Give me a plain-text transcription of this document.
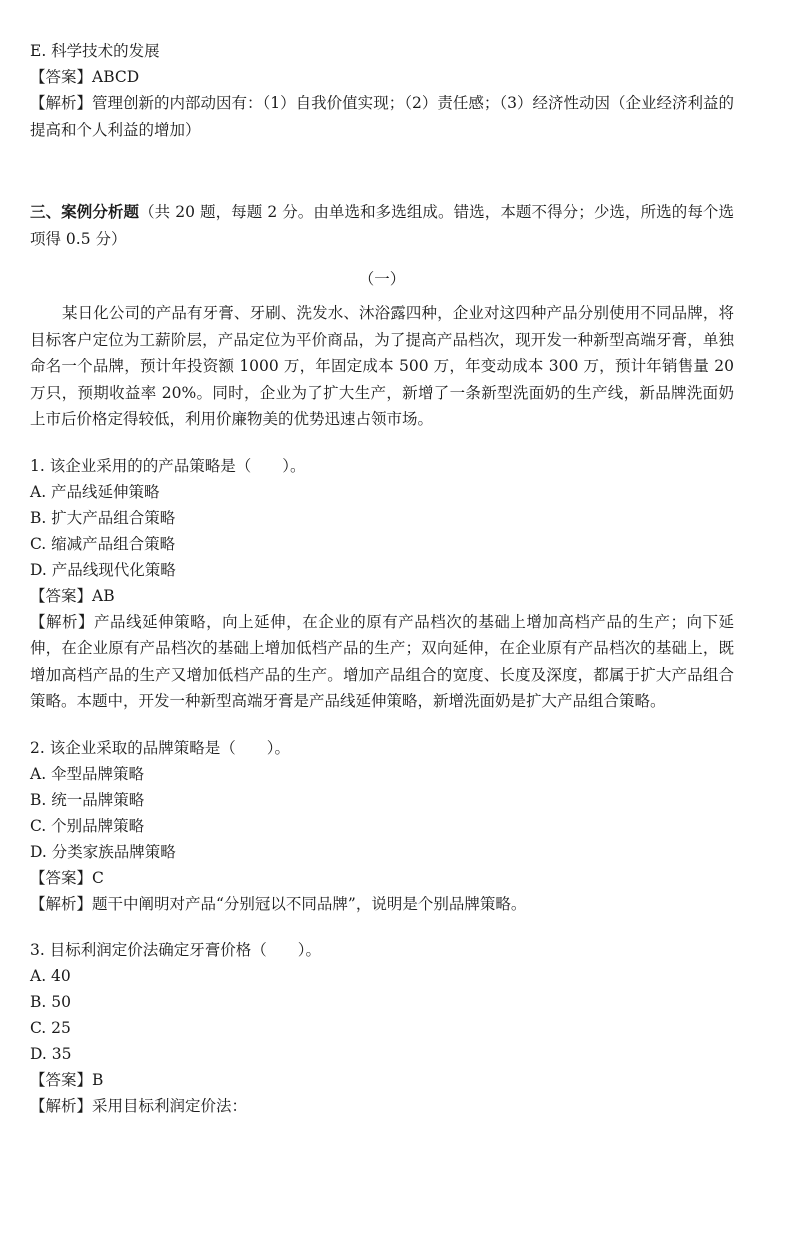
E. 科学技术的发展

【答案】ABCD

【解析】管理创新的内部动因有：（1）自我价值实现；（2）责任感；（3）经济性动因（企业经济利益的提高和个人利益的增加）

三、案例分析题（共 20 题，每题 2 分。由单选和多选组成。错选，本题不得分；少选，所选的每个选项得 0.5 分）

（一）

某日化公司的产品有牙膏、牙刷、洗发水、沐浴露四种，企业对这四种产品分别使用不同品牌，将目标客户定位为工薪阶层，产品定位为平价商品，为了提高产品档次，现开发一种新型高端牙膏，单独命名一个品牌，预计年投资额 1000 万，年固定成本 500 万，年变动成本 300 万，预计年销售量 20 万只，预期收益率 20%。同时，企业为了扩大生产，新增了一条新型洗面奶的生产线，新品牌洗面奶上市后价格定得较低，利用价廉物美的优势迅速占领市场。

1. 该企业采用的的产品策略是（　　）。

A. 产品线延伸策略

B. 扩大产品组合策略

C. 缩减产品组合策略

D. 产品线现代化策略

【答案】AB

【解析】产品线延伸策略，向上延伸，在企业的原有产品档次的基础上增加高档产品的生产；向下延伸，在企业原有产品档次的基础上增加低档产品的生产；双向延伸，在企业原有产品档次的基础上，既增加高档产品的生产又增加低档产品的生产。增加产品组合的宽度、长度及深度，都属于扩大产品组合策略。本题中，开发一种新型高端牙膏是产品线延伸策略，新增洗面奶是扩大产品组合策略。

2. 该企业采取的品牌策略是（　　）。

A. 伞型品牌策略

B. 统一品牌策略

C. 个别品牌策略

D. 分类家族品牌策略

【答案】C

【解析】题干中阐明对产品“分别冠以不同品牌”，说明是个别品牌策略。

3. 目标利润定价法确定牙膏价格（　　）。

A. 40

B. 50

C. 25

D. 35

【答案】B

【解析】采用目标利润定价法：
